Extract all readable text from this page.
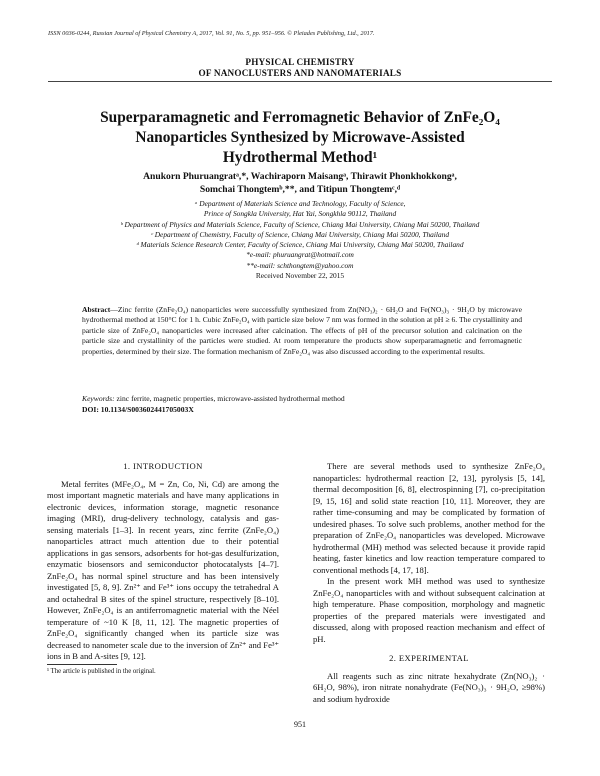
ISSN 0036-0244, Russian Journal of Physical Chemistry A, 2017, Vol. 91, No. 5, pp. 951–956. © Pleiades Publishing, Ltd., 2017.
PHYSICAL CHEMISTRY
OF NANOCLUSTERS AND NANOMATERIALS
Superparamagnetic and Ferromagnetic Behavior of ZnFe₂O₄
Nanoparticles Synthesized by Microwave-Assisted
Hydrothermal Method¹
Anukorn Phuruangratᵃ,*, Wachiraporn Maisangᵃ, Thirawit Phonkhokkongᵃ,
Somchai Thongtemᵇ,**, and Titipun Thongtemᶜ,ᵈ
ᵃ Department of Materials Science and Technology, Faculty of Science,
Prince of Songkla University, Hat Yai, Songkhla 90112, Thailand
ᵇ Department of Physics and Materials Science, Faculty of Science, Chiang Mai University, Chiang Mai 50200, Thailand
ᶜ Department of Chemistry, Faculty of Science, Chiang Mai University, Chiang Mai 50200, Thailand
ᵈ Materials Science Research Center, Faculty of Science, Chiang Mai University, Chiang Mai 50200, Thailand
*e-mail: phuruangrat@hotmail.com
**e-mail: schthongtem@yahoo.com
Received November 22, 2015
Abstract—Zinc ferrite (ZnFe₂O₄) nanoparticles were successfully synthesized from Zn(NO₃)₂ · 6H₂O and Fe(NO₃)₃ · 9H₂O by microwave hydrothermal method at 150°C for 1 h. Cubic ZnFe₂O₄ with particle size below 7 nm was formed in the solution at pH ≥ 6. The crystallinity and particle size of ZnFe₂O₄ nanoparticles were increased after calcination. The effects of pH of the precursor solution and calcination on the particle size and crystallinity of the particles were studied. At room temperature the products show superparamagnetic and ferromagnetic properties, determined by their size. The formation mechanism of ZnFe₂O₄ was also discussed according to the experimental results.
Keywords: zinc ferrite, magnetic properties, microwave-assisted hydrothermal method
DOI: 10.1134/S003602441705003X
1. INTRODUCTION

Metal ferrites (MFe₂O₄, M = Zn, Co, Ni, Cd) are among the most important magnetic materials and have many applications in electronic devices, information storage, magnetic resonance imaging (MRI), drug-delivery technology, catalysis and gas-sensing materials [1–3]. In recent years, zinc ferrite (ZnFe₂O₄) nanoparticles attract much attention due to their potential applications in gas sensors, adsorbents for hot-gas desulfurization, enzymatic biosensors and semiconductor photocatalysts [4–7]. ZnFe₂O₄ has normal spinel structure and has been intensively investigated [5, 8, 9]. Zn²⁺ and Fe³⁺ ions occupy the tetrahedral A and octahedral B sites of the spinel structure, respectively [8–10]. However, ZnFe₂O₄ is an antiferromagnetic material with the Néel temperature of ~10 K [8, 11, 12]. The magnetic properties of ZnFe₂O₄ significantly changed when its particle size was decreased to nanometer scale due to the inversion of Zn²⁺ and Fe³⁺ ions in B and A-sites [9, 12].

There are several methods used to synthesize ZnFe₂O₄ nanoparticles: hydrothermal reaction [2, 13], pyrolysis [5, 14], thermal decomposition [6, 8], electrospinning [7], co-precipitation [9, 15, 16] and solid state reaction [10, 11]. Moreover, they are rather time-consuming and may be complicated by formation of undesired phases. To solve such problems, another method for the preparation of ZnFe₂O₄ nanoparticles was developed. Microwave hydrothermal (MH) method was selected because it provide rapid heating, faster kinetics and low reaction temperature compared to conventional methods [4, 17, 18].

In the present work MH method was used to synthesize ZnFe₂O₄ nanoparticles with and without subsequent calcination at high temperature. Phase composition, morphology and magnetic properties of the prepared materials were investigated and discussed, along with proposed reaction mechanism and effect of pH.

2. EXPERIMENTAL

All reagents such as zinc nitrate hexahydrate (Zn(NO₃)₂ · 6H₂O, 98%), iron nitrate nonahydrate (Fe(NO₃)₃ · 9H₂O, ≥98%) and sodium hydroxide

¹ The article is published in the original.
951
